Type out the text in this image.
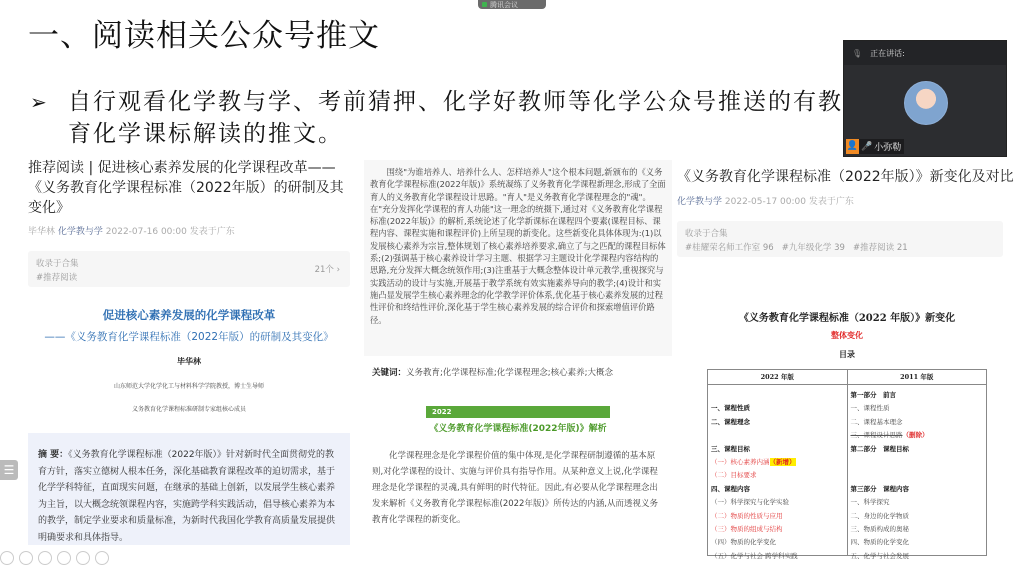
腾讯会议
一、阅读相关公众号推文
➢ 自行观看化学教与学、考前猜押、化学好教师等化学公众号推送的有教育化学课标解读的推文。
推荐阅读 | 促进核心素养发展的化学课程改革——《义务教育化学课程标准（2022年版）的研制及其变化》
毕华林 化学教与学 2022-07-16 00:00 发表于广东
收录于合集
#推荐阅读
21个 ›
促进核心素养发展的化学课程改革
——《义务教育化学课程标准（2022年版）的研制及其变化》
毕华林
山东师范大学化学化工与材料科学学院教授，博士生导师
义务教育化学课程标准研制专家组核心成员
摘 要：《义务教育化学课程标准（2022年版）》针对新时代全面贯彻党的教育方针，落实立德树人根本任务，深化基础教育课程改革的迫切需求，基于化学学科特征，直面现实问题，在继承的基础上创新，以发展学生核心素养为主旨，以大概念统领课程内容，实施跨学科实践活动，倡导核心素养为本的教学，制定学业要求和质量标准，为新时代我国化学教育高质量发展提供明确要求和具体指导。
☰
围绕"为谁培养人、培养什么人、怎样培养人"这个根本问题,新颁布的《义务教育化学课程标准(2022年版)》系统凝练了义务教育化学课程新理念,形成了全面育人的义务教育化学课程设计思路。"育人"是义务教育化学课程理念的"魂"。在"充分发挥化学课程的育人功能"这一理念的统摄下,通过对《义务教育化学课程标准(2022年版)》的解析,系统论述了化学新课标在课程四个要素(课程目标、课程内容、课程实施和课程评价)上所呈现的新变化。这些新变化具体体现为:(1)以发展核心素养为宗旨,整体规划了核心素养培养要求,确立了与之匹配的课程目标体系;(2)强调基于核心素养设计学习主题、根据学习主题设计化学课程内容结构的思路,充分发挥大概念统领作用;(3)注重基于大概念整体设计单元教学,重视探究与实践活动的设计与实施,开展基于教学系统有效实施素养导向的教学;(4)设计和实施凸显发展学生核心素养理念的化学教学评价体系,优化基于核心素养发展的过程性评价和终结性评价,深化基于学生核心素养发展的综合评价和探索增值评价路径。
关键词：义务教育;化学课程标准;化学课程理念;核心素养;大概念
2022
《义务教育化学课程标准(2022年版)》解析
化学课程理念是化学课程价值的集中体现,是化学课程研制遵循的基本原则,对化学课程的设计、实施与评价具有指导作用。从某种意义上说,化学课程理念是化学课程的灵魂,具有鲜明的时代特征。因此,有必要从化学课程理念出发来解析《义务教育化学课程标准(2022年版)》所传达的内涵,从而透视义务教育化学课程的新变化。
《义务教育化学课程标准（2022年版）》新变化及对比
化学教与学 2022-05-17 00:00 发表于广东
收录于合集
#桂耀荣名师工作室 96 #九年级化学 39 #推荐阅读 21
《义务教育化学课程标准（2022 年版）》新变化
整体变化
目录
2022 年版	2011 年版
一、课程性质
二、课程理念
三、课程目标
（一）核心素养内涵（新增）
（二）目标要求
四、课程内容
（一）科学探究与化学实验
（二）物质的性质与应用
（三）物质的组成与结构
（四）物质的化学变化
（五）化学与社会·跨学科实践
第一部分　前言
一、课程性质
二、课程基本理念
三、课程设计思路（删除）
第二部分　课程目标
第三部分　课程内容
一、科学探究
二、身边的化学物质
三、物质构成的奥秘
四、物质的化学变化
五、化学与社会发展
🎙 正在讲话:
👤 🎤 小弥勒
